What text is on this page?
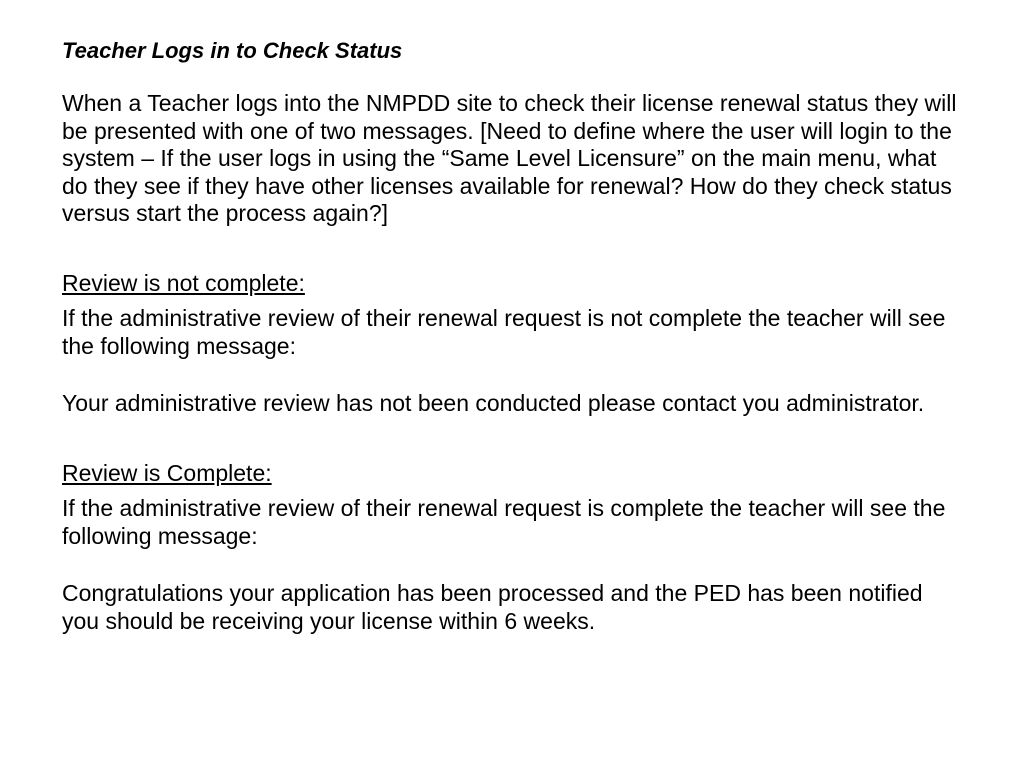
Teacher Logs in to Check Status

When a Teacher logs into the NMPDD site to check their license renewal status they will be presented with one of two messages. [Need to define where the user will login to the system – If the user logs in using the “Same Level Licensure” on the main menu, what do they see if they have other licenses available for renewal? How do they check status versus start the process again?]

Review is not complete:

If the administrative review of their renewal request is not complete the teacher will see the following message:

Your administrative review has not been conducted please contact you administrator.

Review is Complete:

If the administrative review of their renewal request is complete the teacher will see the following message:

Congratulations your application has been processed and the PED has been notified you should be receiving your license within 6 weeks.
